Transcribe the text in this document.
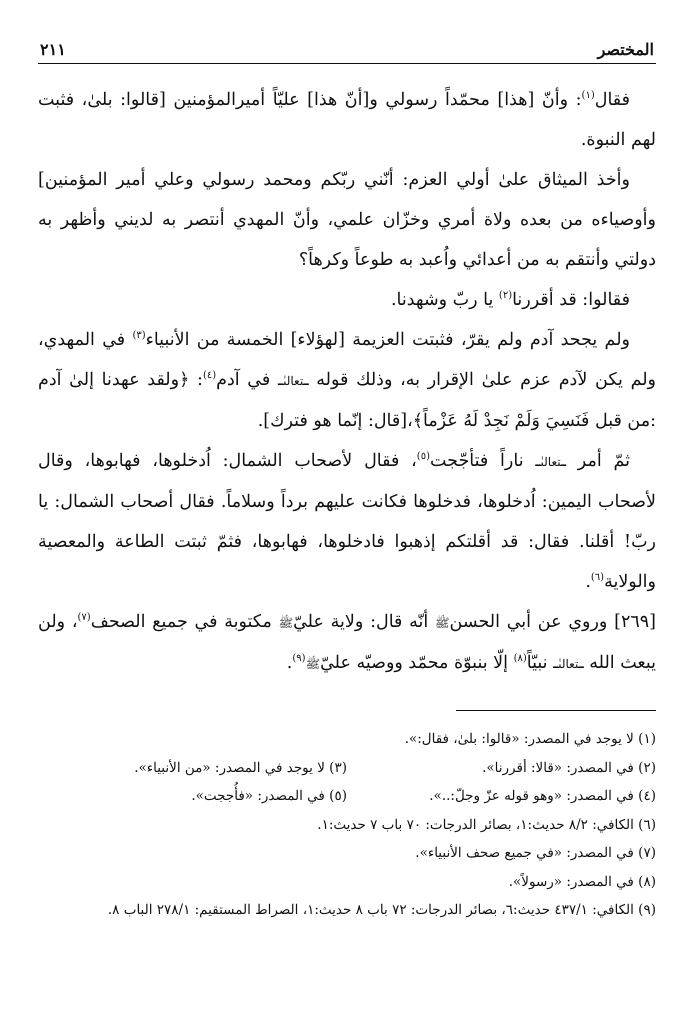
المختصر
٢١١

فقال$^{(١)}$: وأنّ [هذا] محمّداً رسولي و[أنّ هذا] عليّاً أميرالمؤمنين [قالوا: بلىٰ، فثبت لهم النبوة.

وأخذ الميثاق علىٰ أولي العزم: أنّني ربّكم ومحمد رسولي وعلي أمير المؤمنين] وأوصياءه من بعده ولاة أمري وخزّان علمي، وأنّ المهدي أنتصر به لديني وأظهر به دولتي وأنتقم به من أعدائي واُعبد به طوعاً وكرهاً؟

فقالوا: قد أقررنا$^{(٢)}$ يا ربّ وشهدنا.

ولم يجحد آدم ولم يقرّ، فثبتت العزيمة [لهؤلاء] الخمسة من الأنبياء$^{(٣)}$ في المهدي، ولم يكن لآدم عزم علىٰ الإقرار به، وذلك قوله ـتعالىٰـ في آدم$^{(٤)}$: ﴿ولقد عهدنا إلىٰ آدم :من قبل فَنَسِيَ وَلَمْ نَجِدْ لَهُ عَزْماً﴾،[قال: إنّما هو فترك].

ثمّ أمر ـتعالىٰـ ناراً فتأجّجت$^{(٥)}$، فقال لأصحاب الشمال: اُدخلوها، فهابوها، وقال لأصحاب اليمين: اُدخلوها، فدخلوها فكانت عليهم برداً وسلاماً. فقال أصحاب الشمال: يا ربّ! أقلنا. فقال: قد أقلتكم إذهبوا فادخلوها، فهابوها، فثمّ ثبتت الطاعة والمعصية والولاية$^{(٦)}$.

[٢٦٩] وروي عن أبي الحسنﷺ أنّه قال: ولاية عليّﷺ مكتوبة في جميع الصحف$^{(٧)}$، ولن يبعث الله ـتعالىٰـ نبيّاً$^{(٨)}$ إلّا بنبوّة محمّد ووصيّه عليّﷺ$^{(٩)}$.

(١) لا يوجد في المصدر: «قالوا: بلىٰ، فقال:».
(٢) في المصدر: «قالا: أقررنا».
(٣) لا يوجد في المصدر: «من الأنبياء».
(٤) في المصدر: «وهو قوله عزّ وجلّ:..».
(٥) في المصدر: «فأُججت».
(٦) الكافي: ٨/٢ حديث:١، بصائر الدرجات: ٧٠ باب ٧ حديث:١.
(٧) في المصدر: «في جميع صحف الأنبياء».
(٨) في المصدر: «رسولاً».
(٩) الكافي: ٤٣٧/١ حديث:٦، بصائر الدرجات: ٧٢ باب ٨ حديث:١، الصراط المستقيم: ٢٧٨/١ الباب ٨.
